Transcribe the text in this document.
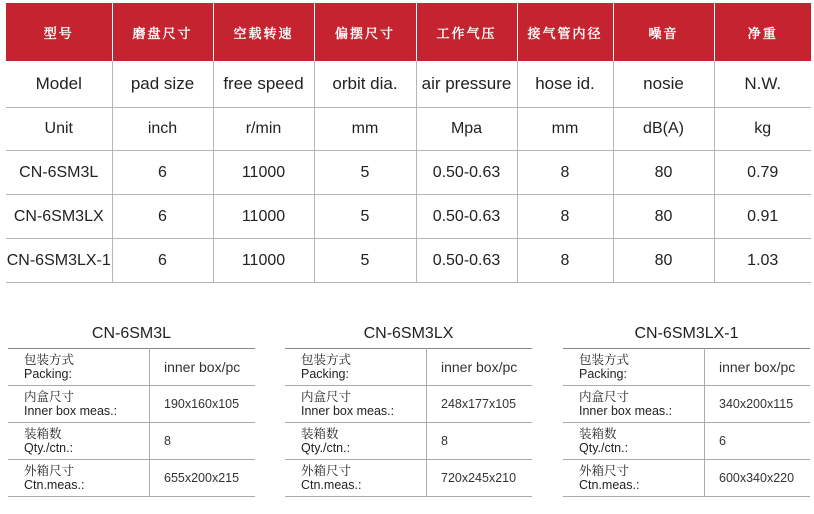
型号	磨盘尺寸	空载转速	偏摆尺寸	工作气压	接气管内径	噪音	净重
Model	pad size	free speed	orbit dia.	air pressure	hose id.	nosie	N.W.
Unit	inch	r/min	mm	Mpa	mm	dB(A)	kg
CN-6SM3L	6	11000	5	0.50-0.63	8	80	0.79
CN-6SM3LX	6	11000	5	0.50-0.63	8	80	0.91
CN-6SM3LX-1	6	11000	5	0.50-0.63	8	80	1.03
CN-6SM3L
包装方式
Packing:	inner box/pc

内盒尺寸
Inner box meas.:	190x160x105

装箱数
Qty./ctn.:	8

外箱尺寸
Ctn.meas.:	655x200x215
CN-6SM3LX
包装方式
Packing:	inner box/pc

内盒尺寸
Inner box meas.:	248x177x105

装箱数
Qty./ctn.:	8

外箱尺寸
Ctn.meas.:	720x245x210
CN-6SM3LX-1
包装方式
Packing:	inner box/pc

内盒尺寸
Inner box meas.:	340x200x115

装箱数
Qty./ctn.:	6

外箱尺寸
Ctn.meas.:	600x340x220
